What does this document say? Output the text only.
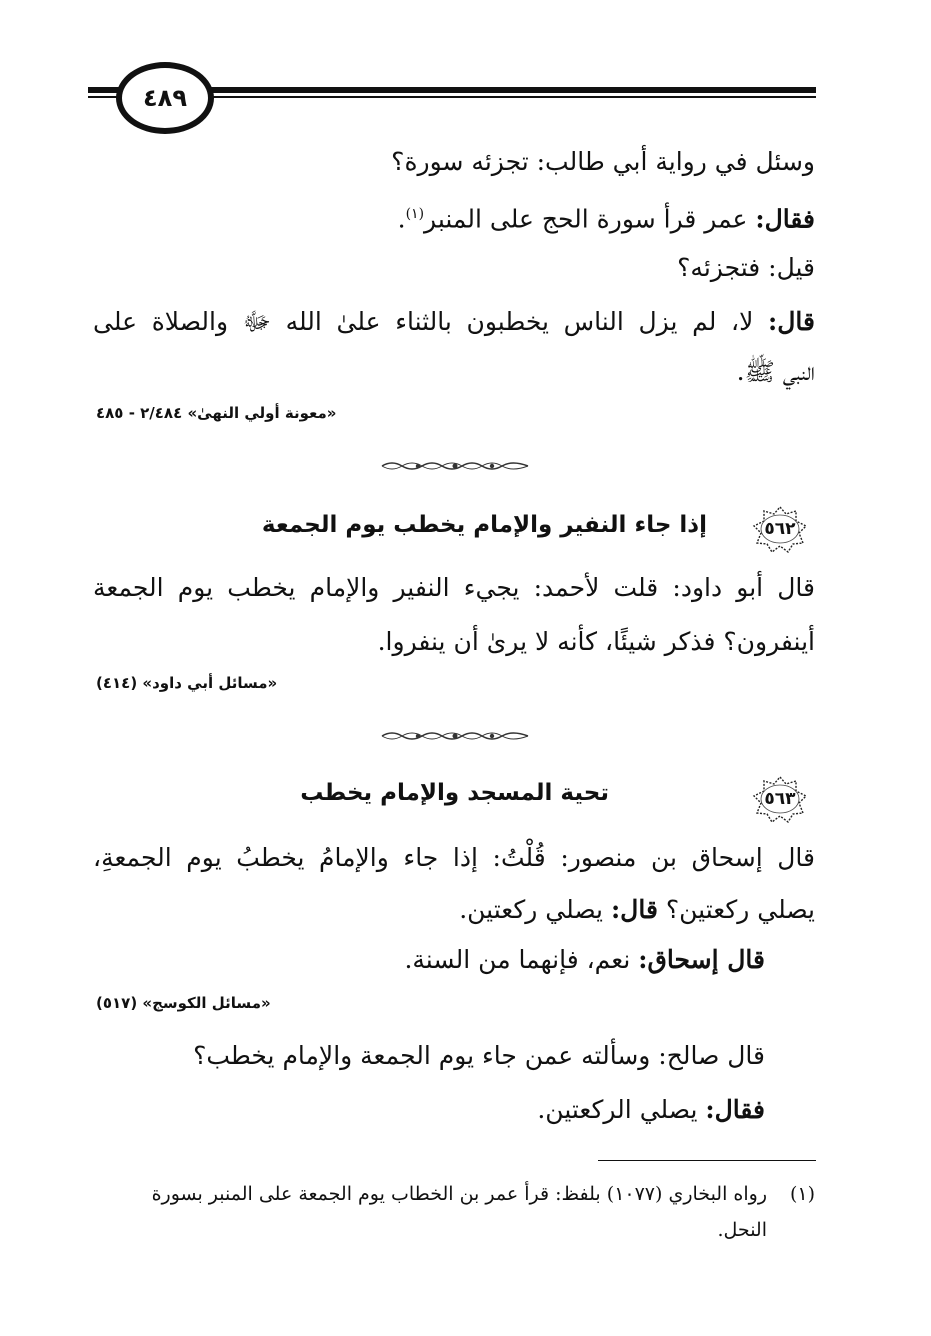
٤٨٩
وسئل في رواية أبي طالب: تجزئه سورة؟
فقال: عمر قرأ سورة الحج على المنبر$^{(١)}$.
قيل: فتجزئه؟
قال: لا، لم يزل الناس يخطبون بالثناء علىٰ الله ﷻ والصلاة على
النبي ﷺ.
«معونة أولي النهىٰ» ٢/٤٨٤ - ٤٨٥
٥٦٢
إذا جاء النفير والإمام يخطب يوم الجمعة
قال أبو داود: قلت لأحمد: يجيء النفير والإمام يخطب يوم الجمعة
أينفرون؟ فذكر شيئًا، كأنه لا يرىٰ أن ينفروا.
«مسائل أبي داود» (٤١٤)
٥٦٣
تحية المسجد والإمام يخطب
قال إسحاق بن منصور: قُلْتُ: إذا جاء والإمامُ يخطبُ يوم الجمعةِ،
يصلي ركعتين؟ قال: يصلي ركعتين.
قال إسحاق: نعم، فإنهما من السنة.
«مسائل الكوسج» (٥١٧)
قال صالح: وسألته عمن جاء يوم الجمعة والإمام يخطب؟
فقال: يصلي الركعتين.
(١)
رواه البخاري (١٠٧٧) بلفظ: قرأ عمر بن الخطاب يوم الجمعة على المنبر بسورة
النحل.
